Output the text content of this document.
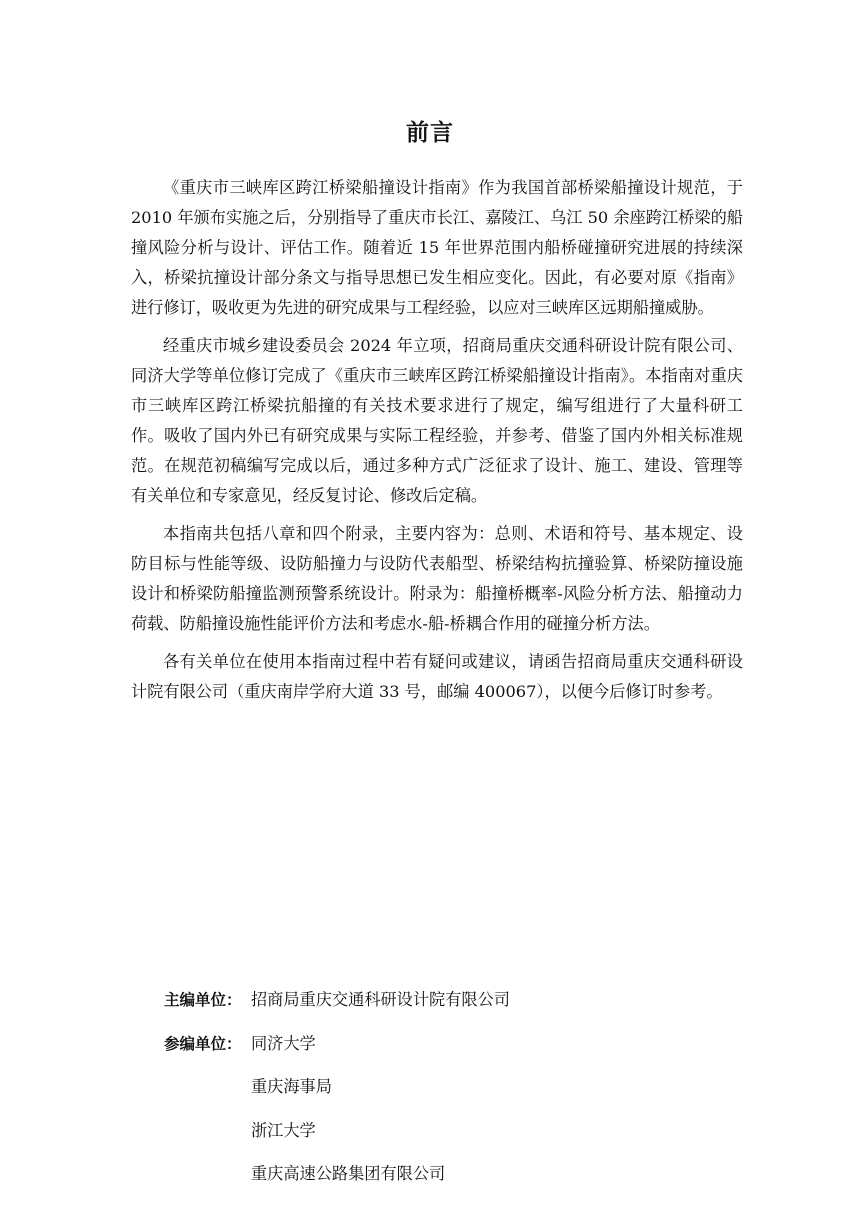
前言

《重庆市三峡库区跨江桥梁船撞设计指南》作为我国首部桥梁船撞设计规范，于 2010 年颁布实施之后，分别指导了重庆市长江、嘉陵江、乌江 50 余座跨江桥梁的船撞风险分析与设计、评估工作。随着近 15 年世界范围内船桥碰撞研究进展的持续深入，桥梁抗撞设计部分条文与指导思想已发生相应变化。因此，有必要对原《指南》进行修订，吸收更为先进的研究成果与工程经验，以应对三峡库区远期船撞威胁。

经重庆市城乡建设委员会 2024 年立项，招商局重庆交通科研设计院有限公司、同济大学等单位修订完成了《重庆市三峡库区跨江桥梁船撞设计指南》。本指南对重庆市三峡库区跨江桥梁抗船撞的有关技术要求进行了规定，编写组进行了大量科研工作。吸收了国内外已有研究成果与实际工程经验，并参考、借鉴了国内外相关标准规范。在规范初稿编写完成以后，通过多种方式广泛征求了设计、施工、建设、管理等有关单位和专家意见，经反复讨论、修改后定稿。

本指南共包括八章和四个附录，主要内容为：总则、术语和符号、基本规定、设防目标与性能等级、设防船撞力与设防代表船型、桥梁结构抗撞验算、桥梁防撞设施设计和桥梁防船撞监测预警系统设计。附录为：船撞桥概率-风险分析方法、船撞动力荷载、防船撞设施性能评价方法和考虑水-船-桥耦合作用的碰撞分析方法。

各有关单位在使用本指南过程中若有疑问或建议，请函告招商局重庆交通科研设计院有限公司（重庆南岸学府大道 33 号，邮编 400067），以便今后修订时参考。

主编单位： 招商局重庆交通科研设计院有限公司
参编单位： 同济大学
重庆海事局
浙江大学
重庆高速公路集团有限公司
